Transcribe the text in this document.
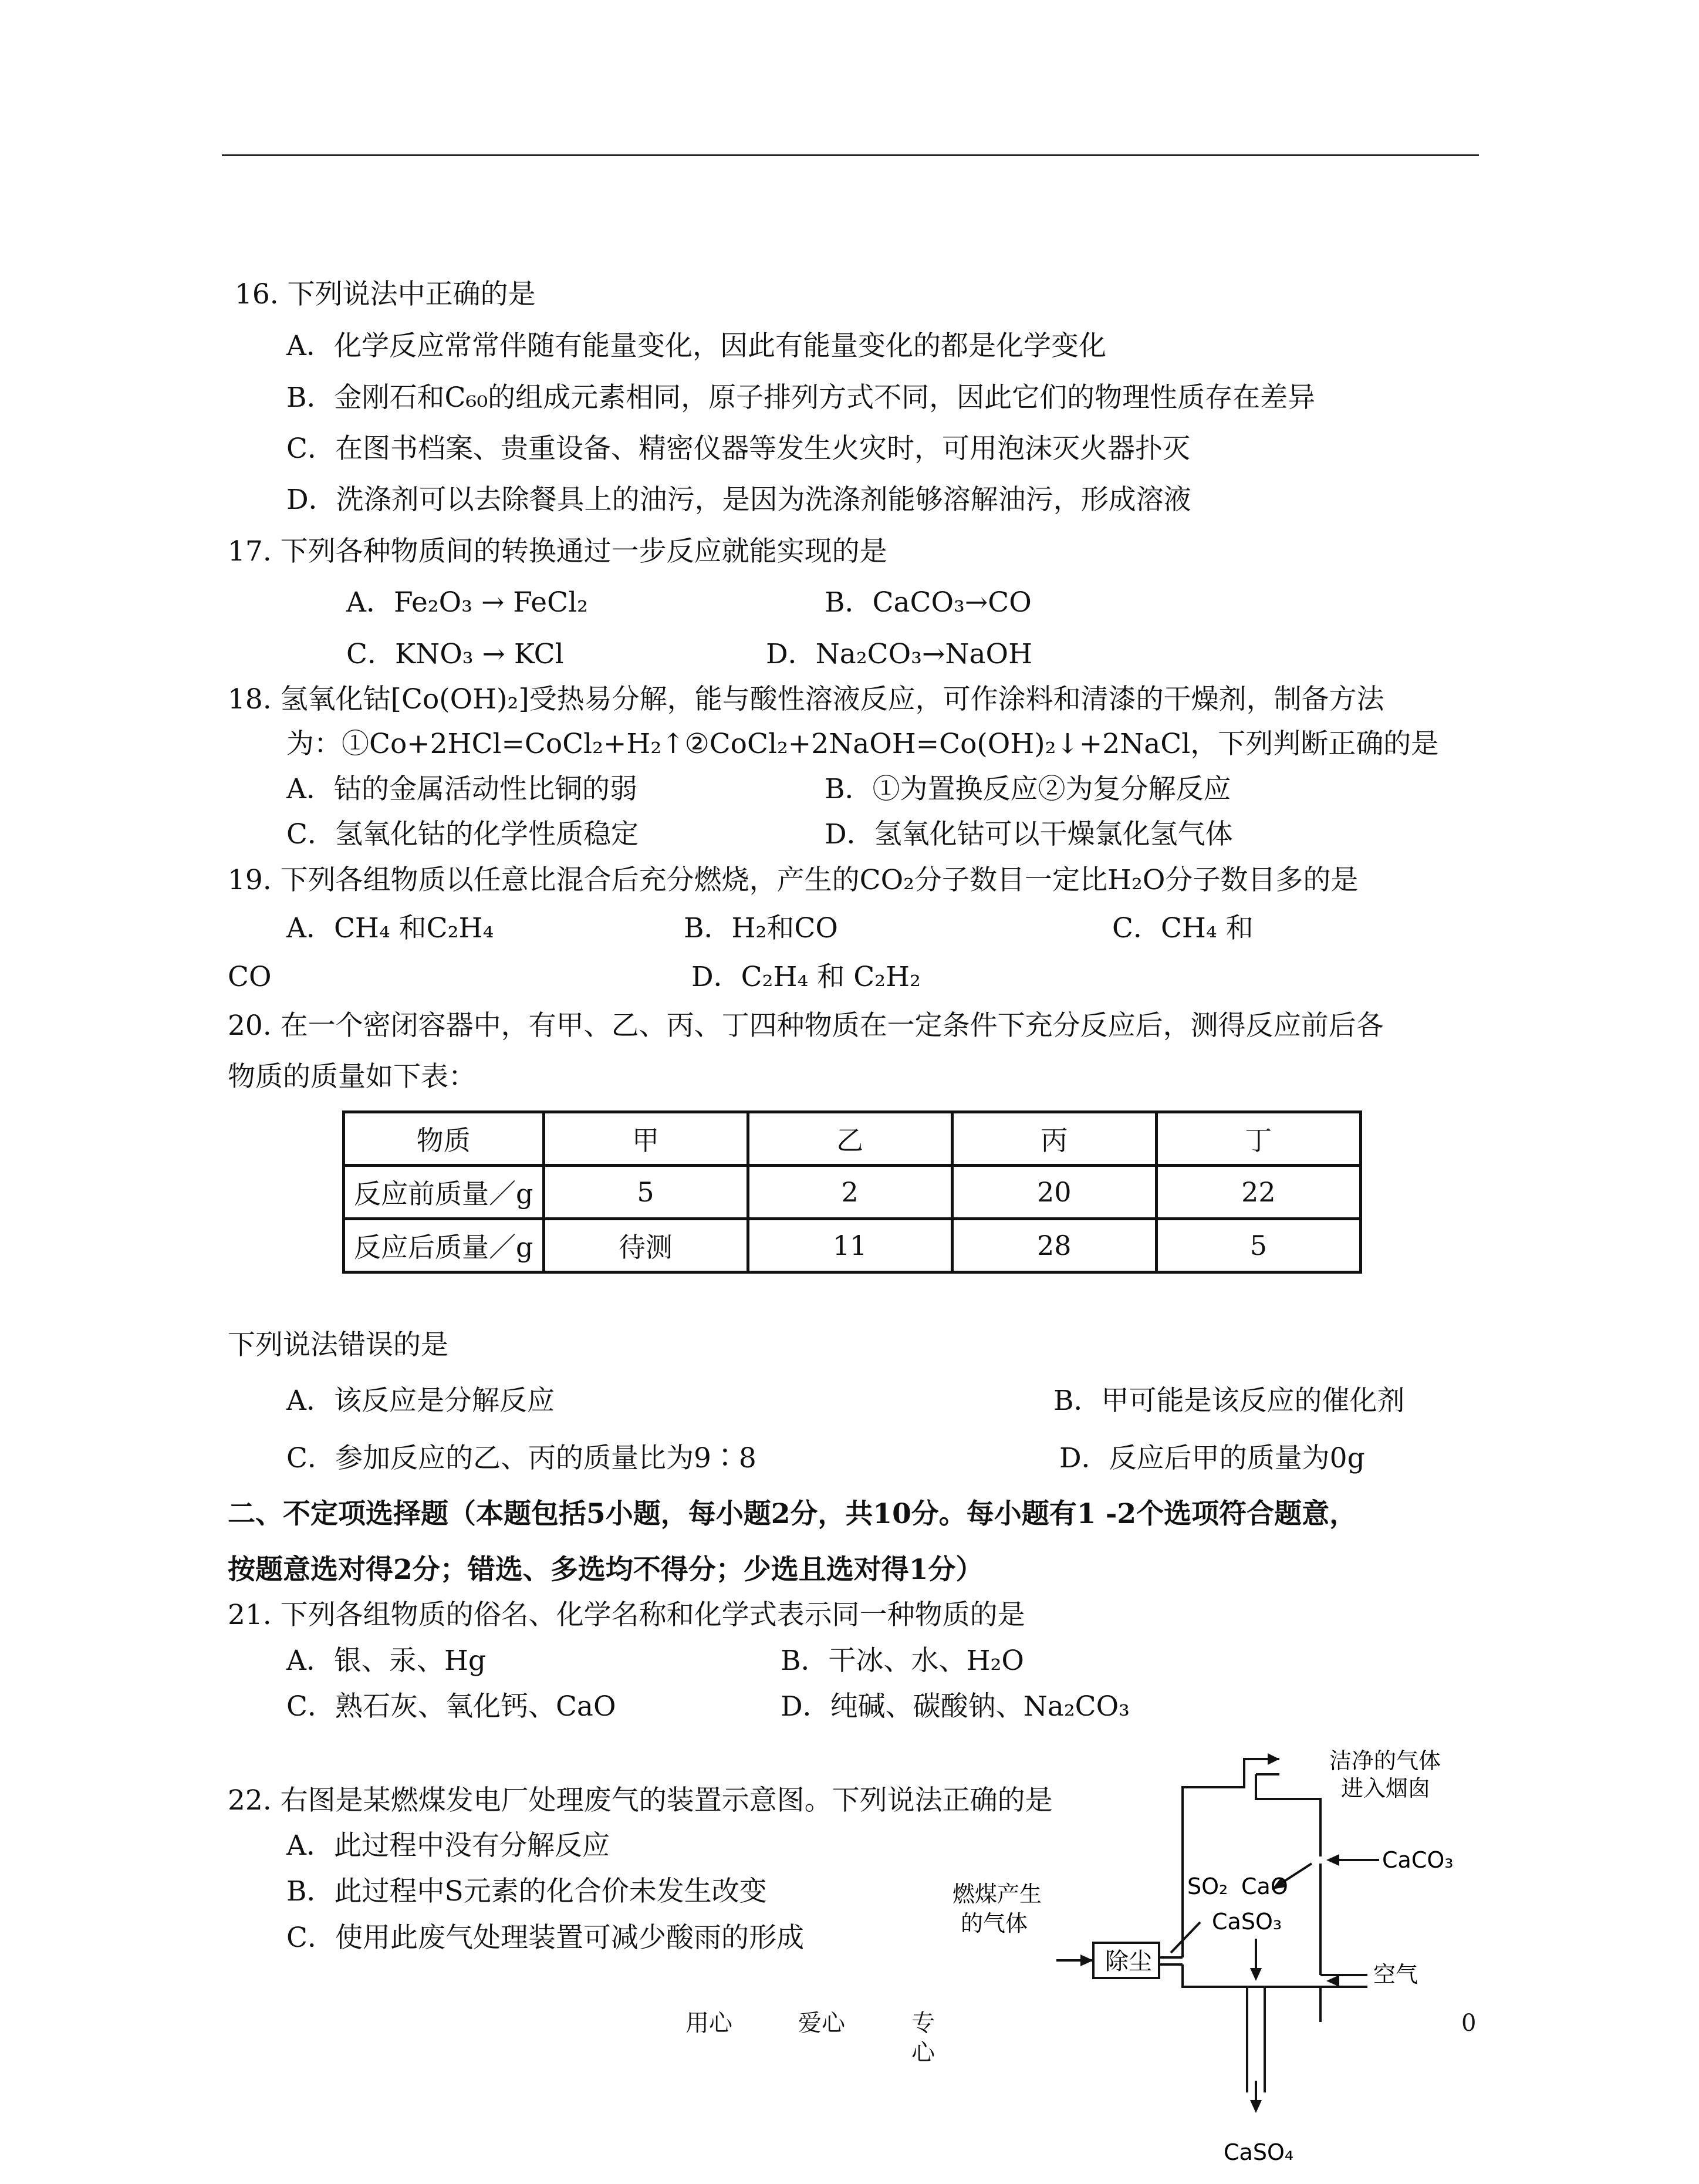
16. 下列说法中正确的是
A．化学反应常常伴随有能量变化，因此有能量变化的都是化学变化
B．金刚石和C₆₀的组成元素相同，原子排列方式不同，因此它们的物理性质存在差异
C．在图书档案、贵重设备、精密仪器等发生火灾时，可用泡沫灭火器扑灭
D．洗涤剂可以去除餐具上的油污，是因为洗涤剂能够溶解油污，形成溶液
17. 下列各种物质间的转换通过一步反应就能实现的是
A．Fe₂O₃ → FeCl₂	B．CaCO₃→CO
C．KNO₃ → KCl	D．Na₂CO₃→NaOH
18. 氢氧化钴[Co(OH)₂]受热易分解，能与酸性溶液反应，可作涂料和清漆的干燥剂，制备方法
为：①Co+2HCl=CoCl₂+H₂↑②CoCl₂+2NaOH=Co(OH)₂↓+2NaCl，下列判断正确的是
A．钴的金属活动性比铜的弱	B．①为置换反应②为复分解反应
C．氢氧化钴的化学性质稳定	D．氢氧化钴可以干燥氯化氢气体
19. 下列各组物质以任意比混合后充分燃烧，产生的CO₂分子数目一定比H₂O分子数目多的是
A．CH₄ 和C₂H₄	B．H₂和CO	C．CH₄ 和
CO	D．C₂H₄ 和 C₂H₂
20. 在一个密闭容器中，有甲、乙、丙、丁四种物质在一定条件下充分反应后，测得反应前后各
物质的质量如下表：
物质	甲	乙	丙	丁
反应前质量／g	5	2	20	22
反应后质量／g	待测	11	28	5
下列说法错误的是
A．该反应是分解反应	B．甲可能是该反应的催化剂
C．参加反应的乙、丙的质量比为9∶8	D．反应后甲的质量为0g
二、不定项选择题（本题包括5小题，每小题2分，共10分。每小题有1 -2个选项符合题意，
按题意选对得2分；错选、多选均不得分；少选且选对得1分）
21. 下列各组物质的俗名、化学名称和化学式表示同一种物质的是
A．银、汞、Hg	B．干冰、水、H₂O
C．熟石灰、氧化钙、CaO	D．纯碱、碳酸钠、Na₂CO₃
22. 右图是某燃煤发电厂处理废气的装置示意图。下列说法正确的是
A．此过程中没有分解反应
B．此过程中S元素的化合价未发生改变
C．使用此废气处理装置可减少酸雨的形成
洁净的气体
进入烟囱
CaCO₃
SO₂ CaO
CaSO₃
空气
燃煤产生
的气体
除尘
CaSO₄
用心	爱心	专心
0
